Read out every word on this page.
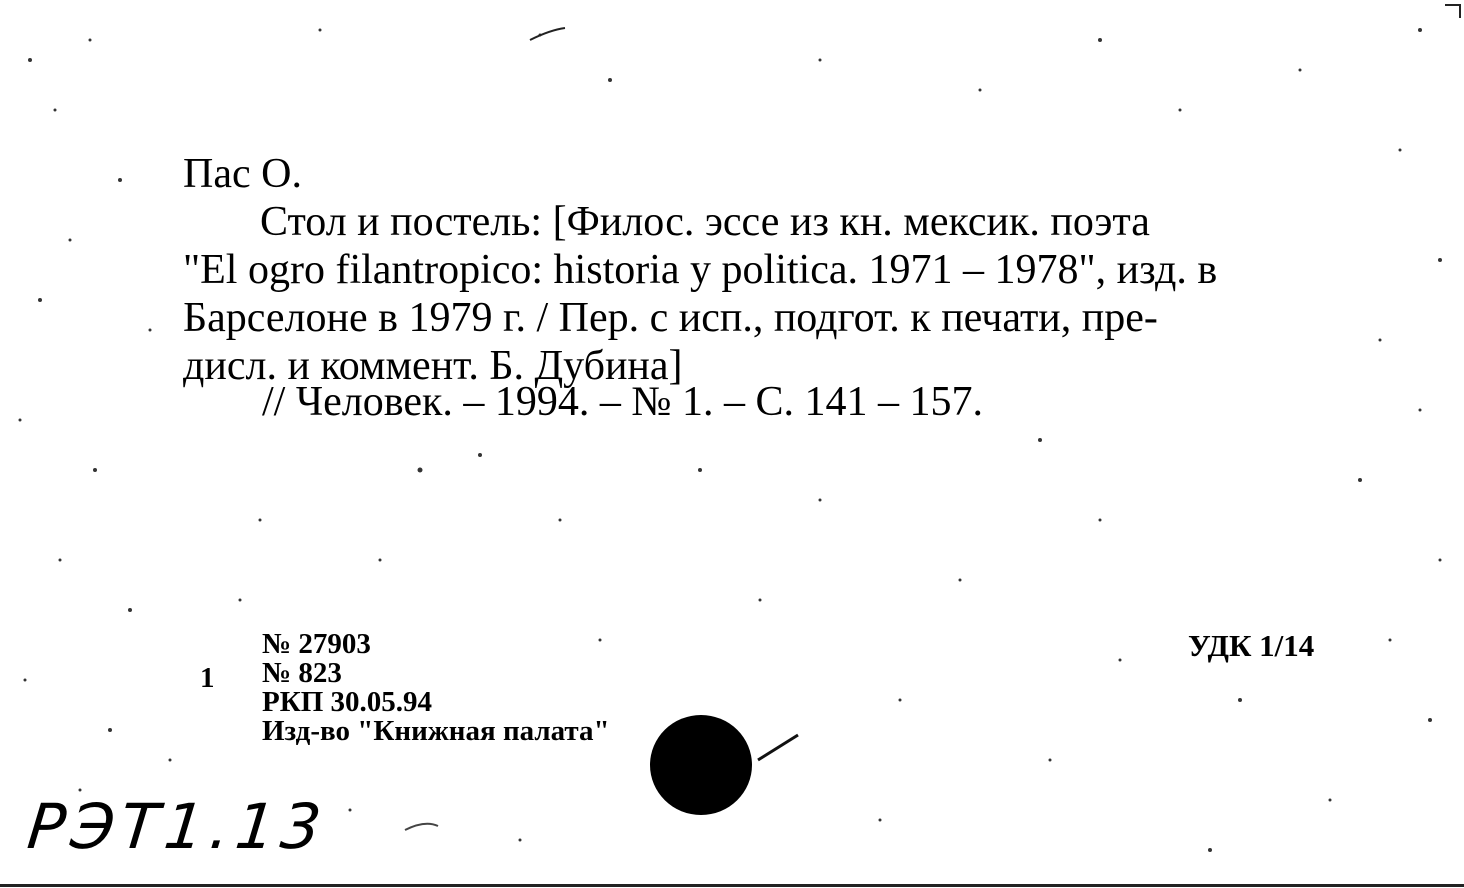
Пас О.
Стол и постель: [Филос. эссе из кн. мексик. поэта
"El ogro filantropico: historia y politica. 1971 – 1978", изд. в
Барселоне в 1979 г. / Пер. с исп., подгот. к печати, пре-
дисл. и коммент. Б. Дубина]
// Человек. – 1994. – № 1. – С. 141 – 157.
1
№ 27903
№ 823
РКП 30.05.94
Изд-во "Книжная палата"
УДК 1/14
РЭТ1.13
